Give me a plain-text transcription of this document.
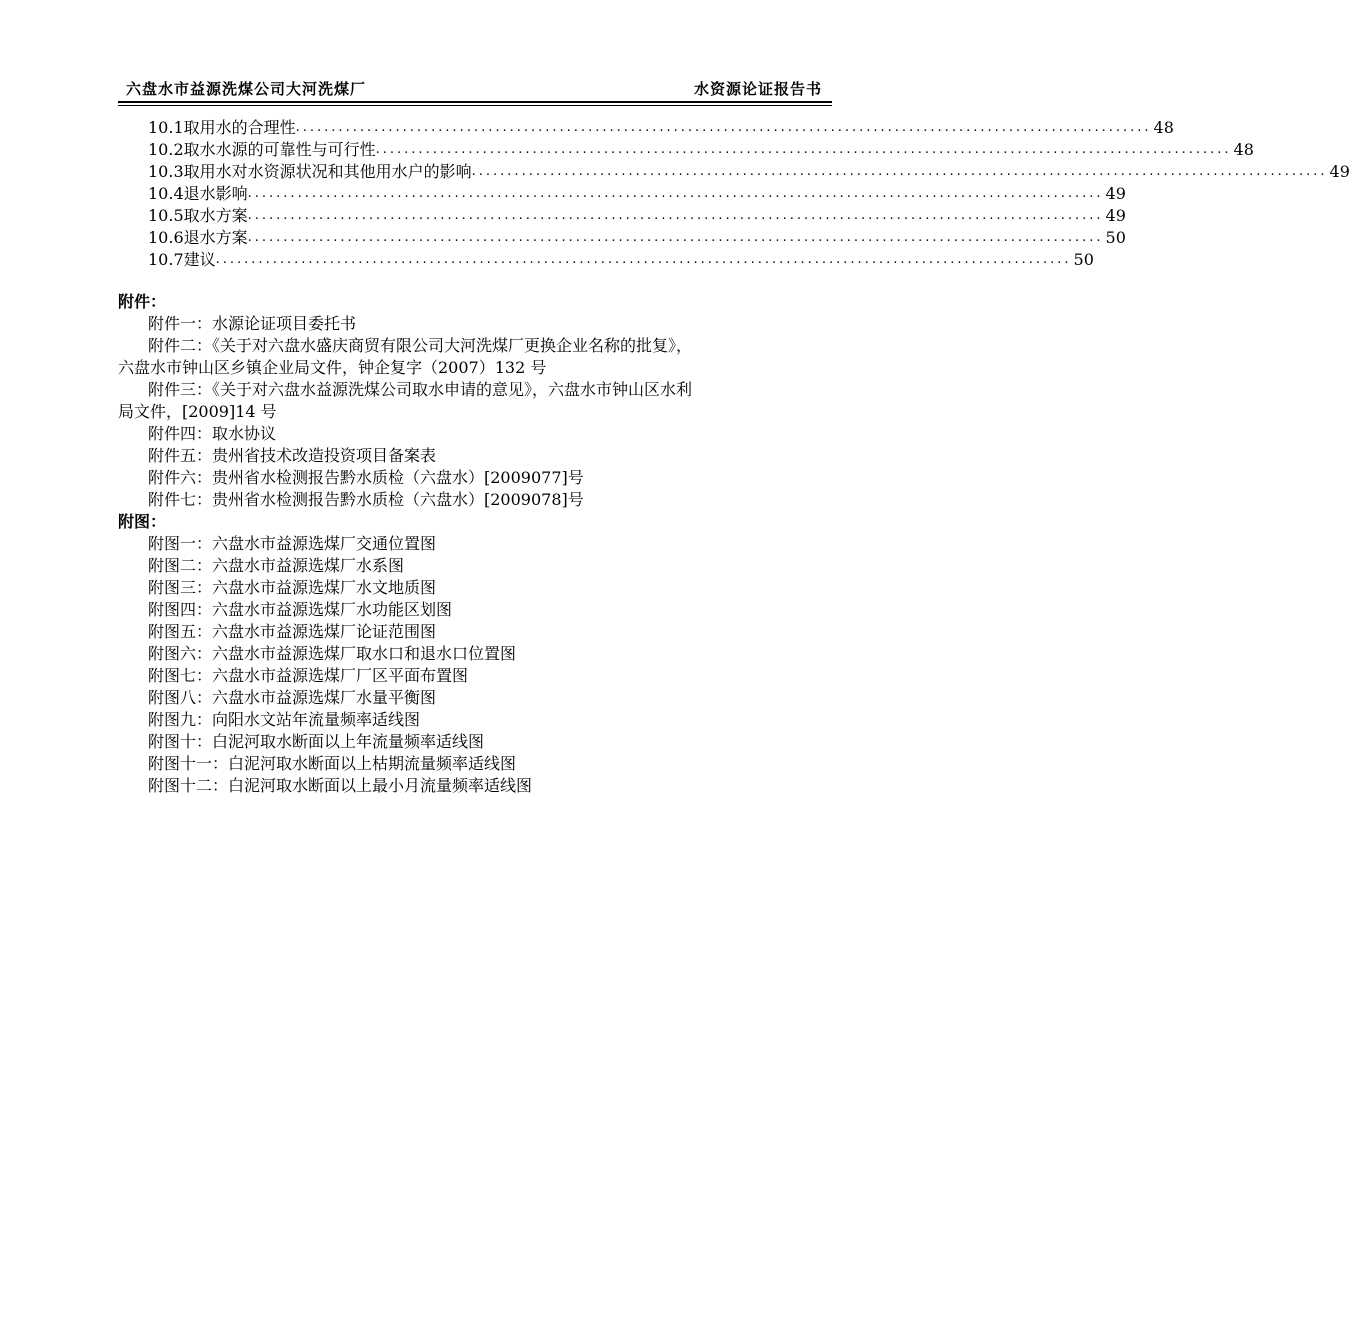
六盘水市益源洗煤公司大河洗煤厂	水资源论证报告书
10.1 取用水的合理性 ........................................................................................................................ 48
10.2 取水水源的可靠性与可行性 ........................................................................................................................ 48
10.3 取用水对水资源状况和其他用水户的影响 ........................................................................................................................ 49
10.4 退水影响 ........................................................................................................................ 49
10.5 取水方案 ........................................................................................................................ 49
10.6 退水方案 ........................................................................................................................ 50
10.7 建议 ........................................................................................................................ 50
附件：
附件一：水源论证项目委托书
附件二：《关于对六盘水盛庆商贸有限公司大河洗煤厂更换企业名称的批复》，
六盘水市钟山区乡镇企业局文件，钟企复字（2007）132 号
附件三：《关于对六盘水益源洗煤公司取水申请的意见》，六盘水市钟山区水利
局文件，[2009]14 号
附件四：取水协议
附件五：贵州省技术改造投资项目备案表
附件六：贵州省水检测报告黔水质检（六盘水）[2009077]号
附件七：贵州省水检测报告黔水质检（六盘水）[2009078]号
附图：
附图一：六盘水市益源选煤厂交通位置图
附图二：六盘水市益源选煤厂水系图
附图三：六盘水市益源选煤厂水文地质图
附图四：六盘水市益源选煤厂水功能区划图
附图五：六盘水市益源选煤厂论证范围图
附图六：六盘水市益源选煤厂取水口和退水口位置图
附图七：六盘水市益源选煤厂厂区平面布置图
附图八：六盘水市益源选煤厂水量平衡图
附图九：向阳水文站年流量频率适线图
附图十：白泥河取水断面以上年流量频率适线图
附图十一：白泥河取水断面以上枯期流量频率适线图
附图十二：白泥河取水断面以上最小月流量频率适线图
